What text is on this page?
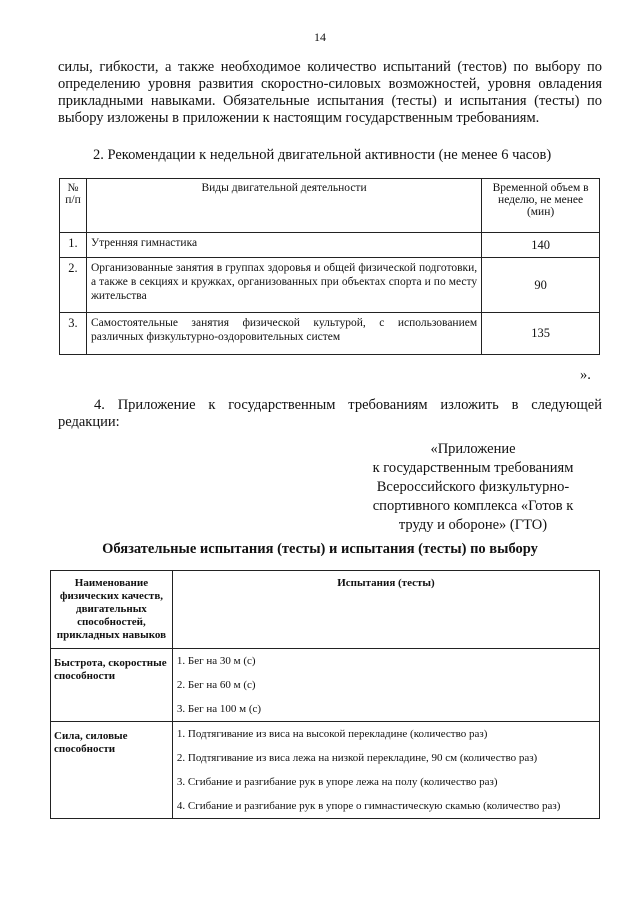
14
силы, гибкости, а также необходимое количество испытаний (тестов) по выбору по
определению уровня развития скоростно-силовых возможностей, уровня овладения
прикладными навыками. Обязательные испытания (тесты) и испытания (тесты) по
выбору изложены в приложении к настоящим государственным требованиям.
2. Рекомендации к недельной двигательной активности (не менее 6 часов)
№ п/п	Виды двигательной деятельности	Временной объем в неделю, не менее (мин)
1.	Утренняя гимнастика	140
2.	Организованные занятия в группах здоровья и общей физической подготовки, а также в секциях и кружках, организованных при объектах спорта и по месту жительства	90
3.	Самостоятельные занятия физической культурой, с использованием различных физкультурно-оздоровительных систем	135
».
4. Приложение к государственным требованиям изложить в следующей
редакции:
«Приложение
к государственным требованиям
Всероссийского физкультурно-
спортивного комплекса «Готов к
труду и обороне» (ГТО)
Обязательные испытания (тесты) и испытания (тесты) по выбору
Наименование физических качеств, двигательных способностей, прикладных навыков	Испытания (тесты)
Быстрота, скоростные способности	1. Бег на 30 м (с)
2. Бег на 60 м (с)
3. Бег на 100 м (с)

Сила, силовые способности	1. Подтягивание из виса на высокой перекладине (количество раз)
2. Подтягивание из виса лежа на низкой перекладине, 90 см (количество раз)
3. Сгибание и разгибание рук в упоре лежа на полу (количество раз)
4. Сгибание и разгибание рук в упоре о гимнастическую скамью (количество раз)
